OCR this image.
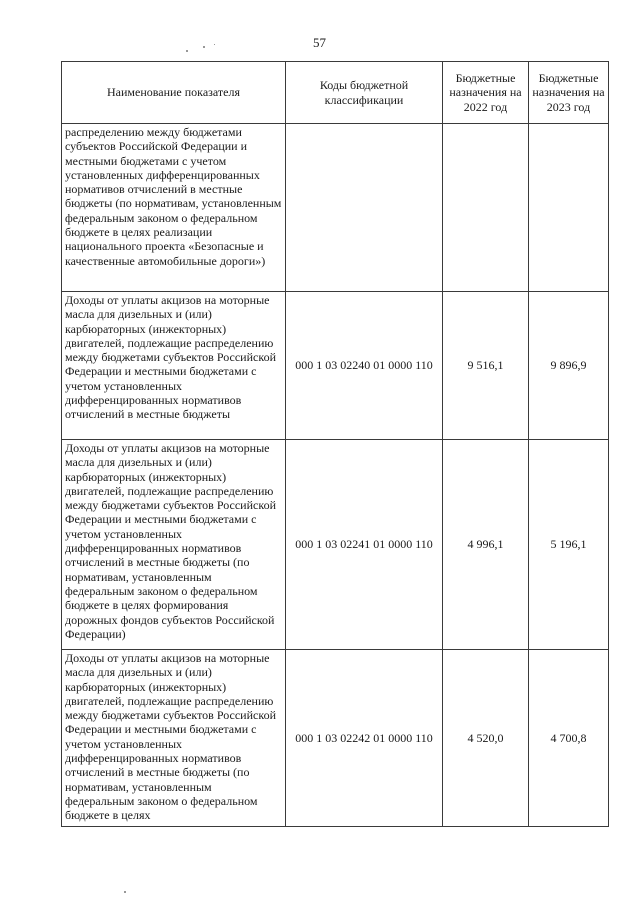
57
Наименование показателя	Коды бюджетной классификации	Бюджетные назначения на 2022 год	Бюджетные назначения на 2023 год
распределению между бюджетами субъектов Российской Федерации и местными бюджетами с учетом установленных дифференцированных нормативов отчислений в местные бюджеты (по нормативам, установленным федеральным законом о федеральном бюджете в целях реализации национального проекта «Безопасные и качественные автомобильные дороги»)			
Доходы от уплаты акцизов на моторные масла для дизельных и (или) карбюраторных (инжекторных) двигателей, подлежащие распределению между бюджетами субъектов Российской Федерации и местными бюджетами с учетом установленных дифференцированных нормативов отчислений в местные бюджеты	000 1 03 02240 01 0000 110	9 516,1	9 896,9
Доходы от уплаты акцизов на моторные масла для дизельных и (или) карбюраторных (инжекторных) двигателей, подлежащие распределению между бюджетами субъектов Российской Федерации и местными бюджетами с учетом установленных дифференцированных нормативов отчислений в местные бюджеты (по нормативам, установленным федеральным законом о федеральном бюджете в целях формирования дорожных фондов субъектов Российской Федерации)	000 1 03 02241 01 0000 110	4 996,1	5 196,1
Доходы от уплаты акцизов на моторные масла для дизельных и (или) карбюраторных (инжекторных) двигателей, подлежащие распределению между бюджетами субъектов Российской Федерации и местными бюджетами с учетом установленных дифференцированных нормативов отчислений в местные бюджеты (по нормативам, установленным федеральным законом о федеральном бюджете в целях	000 1 03 02242 01 0000 110	4 520,0	4 700,8
